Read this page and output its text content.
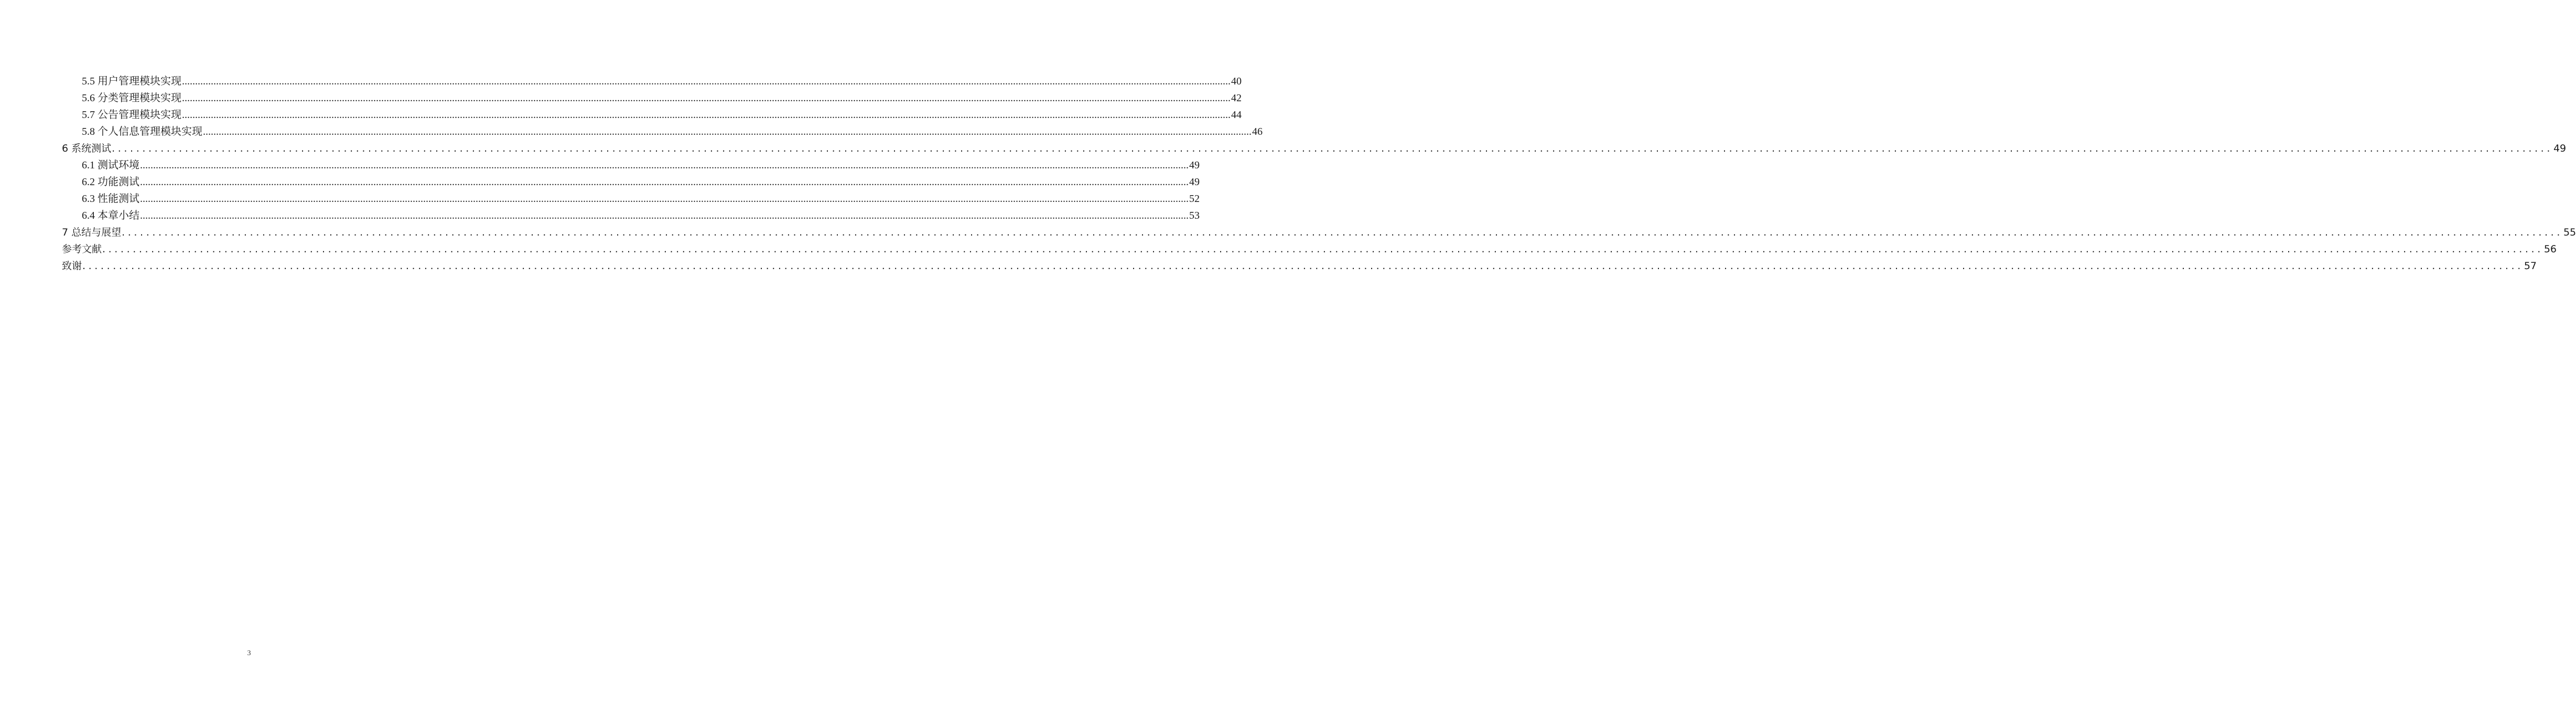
5.5 用户管理模块实现 ................................................................................................................................................................................................................................................................................................................................................................................................................ 40
5.6 分类管理模块实现 ................................................................................................................................................................................................................................................................................................................................................................................................................ 42
5.7 公告管理模块实现 ................................................................................................................................................................................................................................................................................................................................................................................................................ 44
5.8 个人信息管理模块实现 ................................................................................................................................................................................................................................................................................................................................................................................................................ 46
6 系统测试 ................................................................................................................................................................................................................................................................................................................................................................................................................ 49
6.1 测试环境 ................................................................................................................................................................................................................................................................................................................................................................................................................ 49
6.2 功能测试 ................................................................................................................................................................................................................................................................................................................................................................................................................ 49
6.3 性能测试 ................................................................................................................................................................................................................................................................................................................................................................................................................ 52
6.4 本章小结 ................................................................................................................................................................................................................................................................................................................................................................................................................ 53
7 总结与展望 ................................................................................................................................................................................................................................................................................................................................................................................................................ 55
参考文献 ................................................................................................................................................................................................................................................................................................................................................................................................................ 56
致谢 ................................................................................................................................................................................................................................................................................................................................................................................................................ 57
3
